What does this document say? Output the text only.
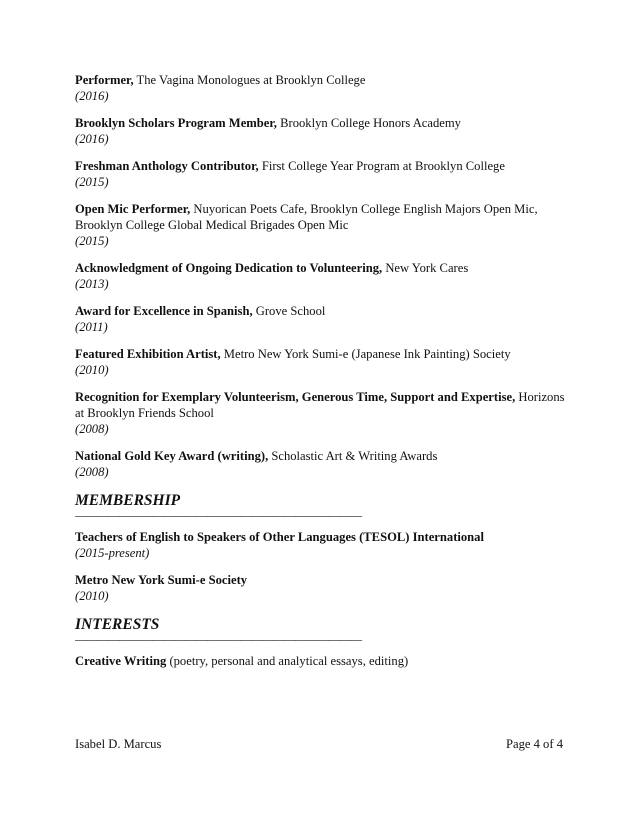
Performer, The Vagina Monologues at Brooklyn College
(2016)
Brooklyn Scholars Program Member, Brooklyn College Honors Academy
(2016)
Freshman Anthology Contributor, First College Year Program at Brooklyn College
(2015)
Open Mic Performer, Nuyorican Poets Cafe, Brooklyn College English Majors Open Mic, Brooklyn College Global Medical Brigades Open Mic
(2015)
Acknowledgment of Ongoing Dedication to Volunteering, New York Cares
(2013)
Award for Excellence in Spanish, Grove School
(2011)
Featured Exhibition Artist, Metro New York Sumi-e (Japanese Ink Painting) Society
(2010)
Recognition for Exemplary Volunteerism, Generous Time, Support and Expertise, Horizons at Brooklyn Friends School
(2008)
National Gold Key Award (writing), Scholastic Art & Writing Awards
(2008)
MEMBERSHIP
——————————————————————————
Teachers of English to Speakers of Other Languages (TESOL) International
(2015-present)
Metro New York Sumi-e Society
(2010)
INTERESTS
——————————————————————————
Creative Writing (poetry, personal and analytical essays, editing)
Isabel D. Marcus	Page 4 of 4
